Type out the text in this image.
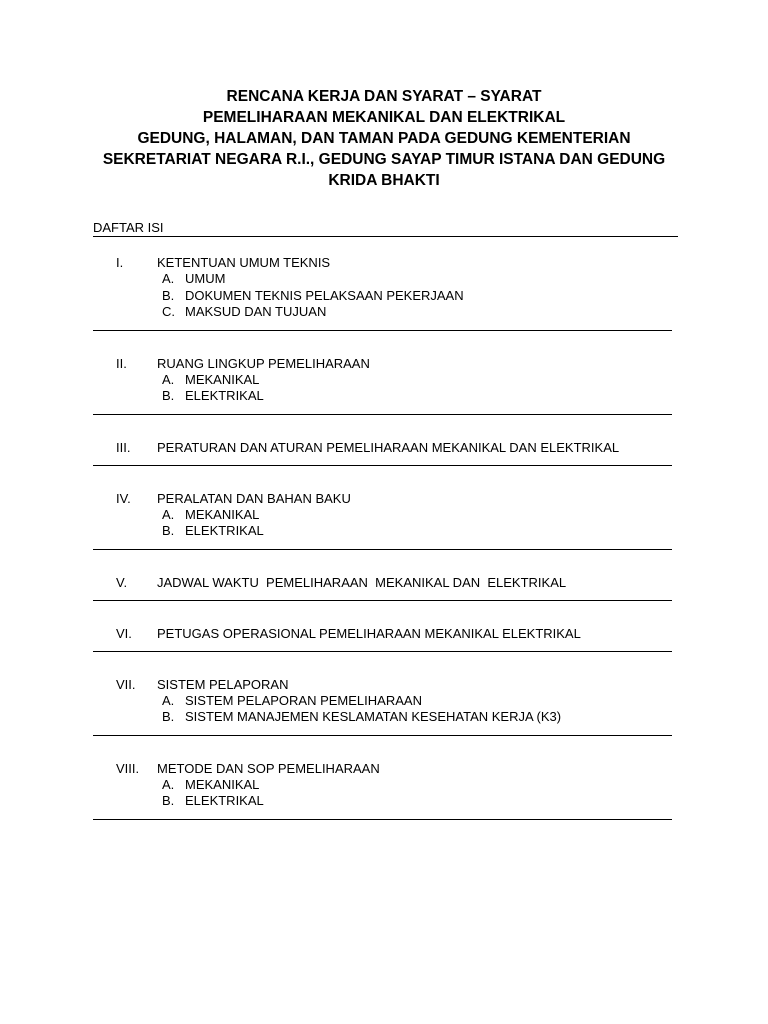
RENCANA KERJA DAN SYARAT – SYARAT
PEMELIHARAAN MEKANIKAL DAN ELEKTRIKAL
GEDUNG, HALAMAN, DAN TAMAN PADA GEDUNG KEMENTERIAN
SEKRETARIAT NEGARA R.I., GEDUNG SAYAP TIMUR ISTANA DAN GEDUNG
KRIDA BHAKTI
DAFTAR ISI
I.	KETENTUAN UMUM TEKNIS
A. UMUM
B. DOKUMEN TEKNIS PELAKSAAN PEKERJAAN
C. MAKSUD DAN TUJUAN
II. RUANG LINGKUP PEMELIHARAAN
A. MEKANIKAL
B. ELEKTRIKAL
III. PERATURAN DAN ATURAN PEMELIHARAAN MEKANIKAL DAN ELEKTRIKAL
IV. PERALATAN DAN BAHAN BAKU
A. MEKANIKAL
B. ELEKTRIKAL
V. JADWAL WAKTU  PEMELIHARAAN  MEKANIKAL DAN  ELEKTRIKAL
VI. PETUGAS OPERASIONAL PEMELIHARAAN MEKANIKAL ELEKTRIKAL
VII. SISTEM PELAPORAN
A. SISTEM PELAPORAN PEMELIHARAAN
B. SISTEM MANAJEMEN KESLAMATAN KESEHATAN KERJA (K3)
VIII. METODE DAN SOP PEMELIHARAAN
A. MEKANIKAL
B. ELEKTRIKAL
